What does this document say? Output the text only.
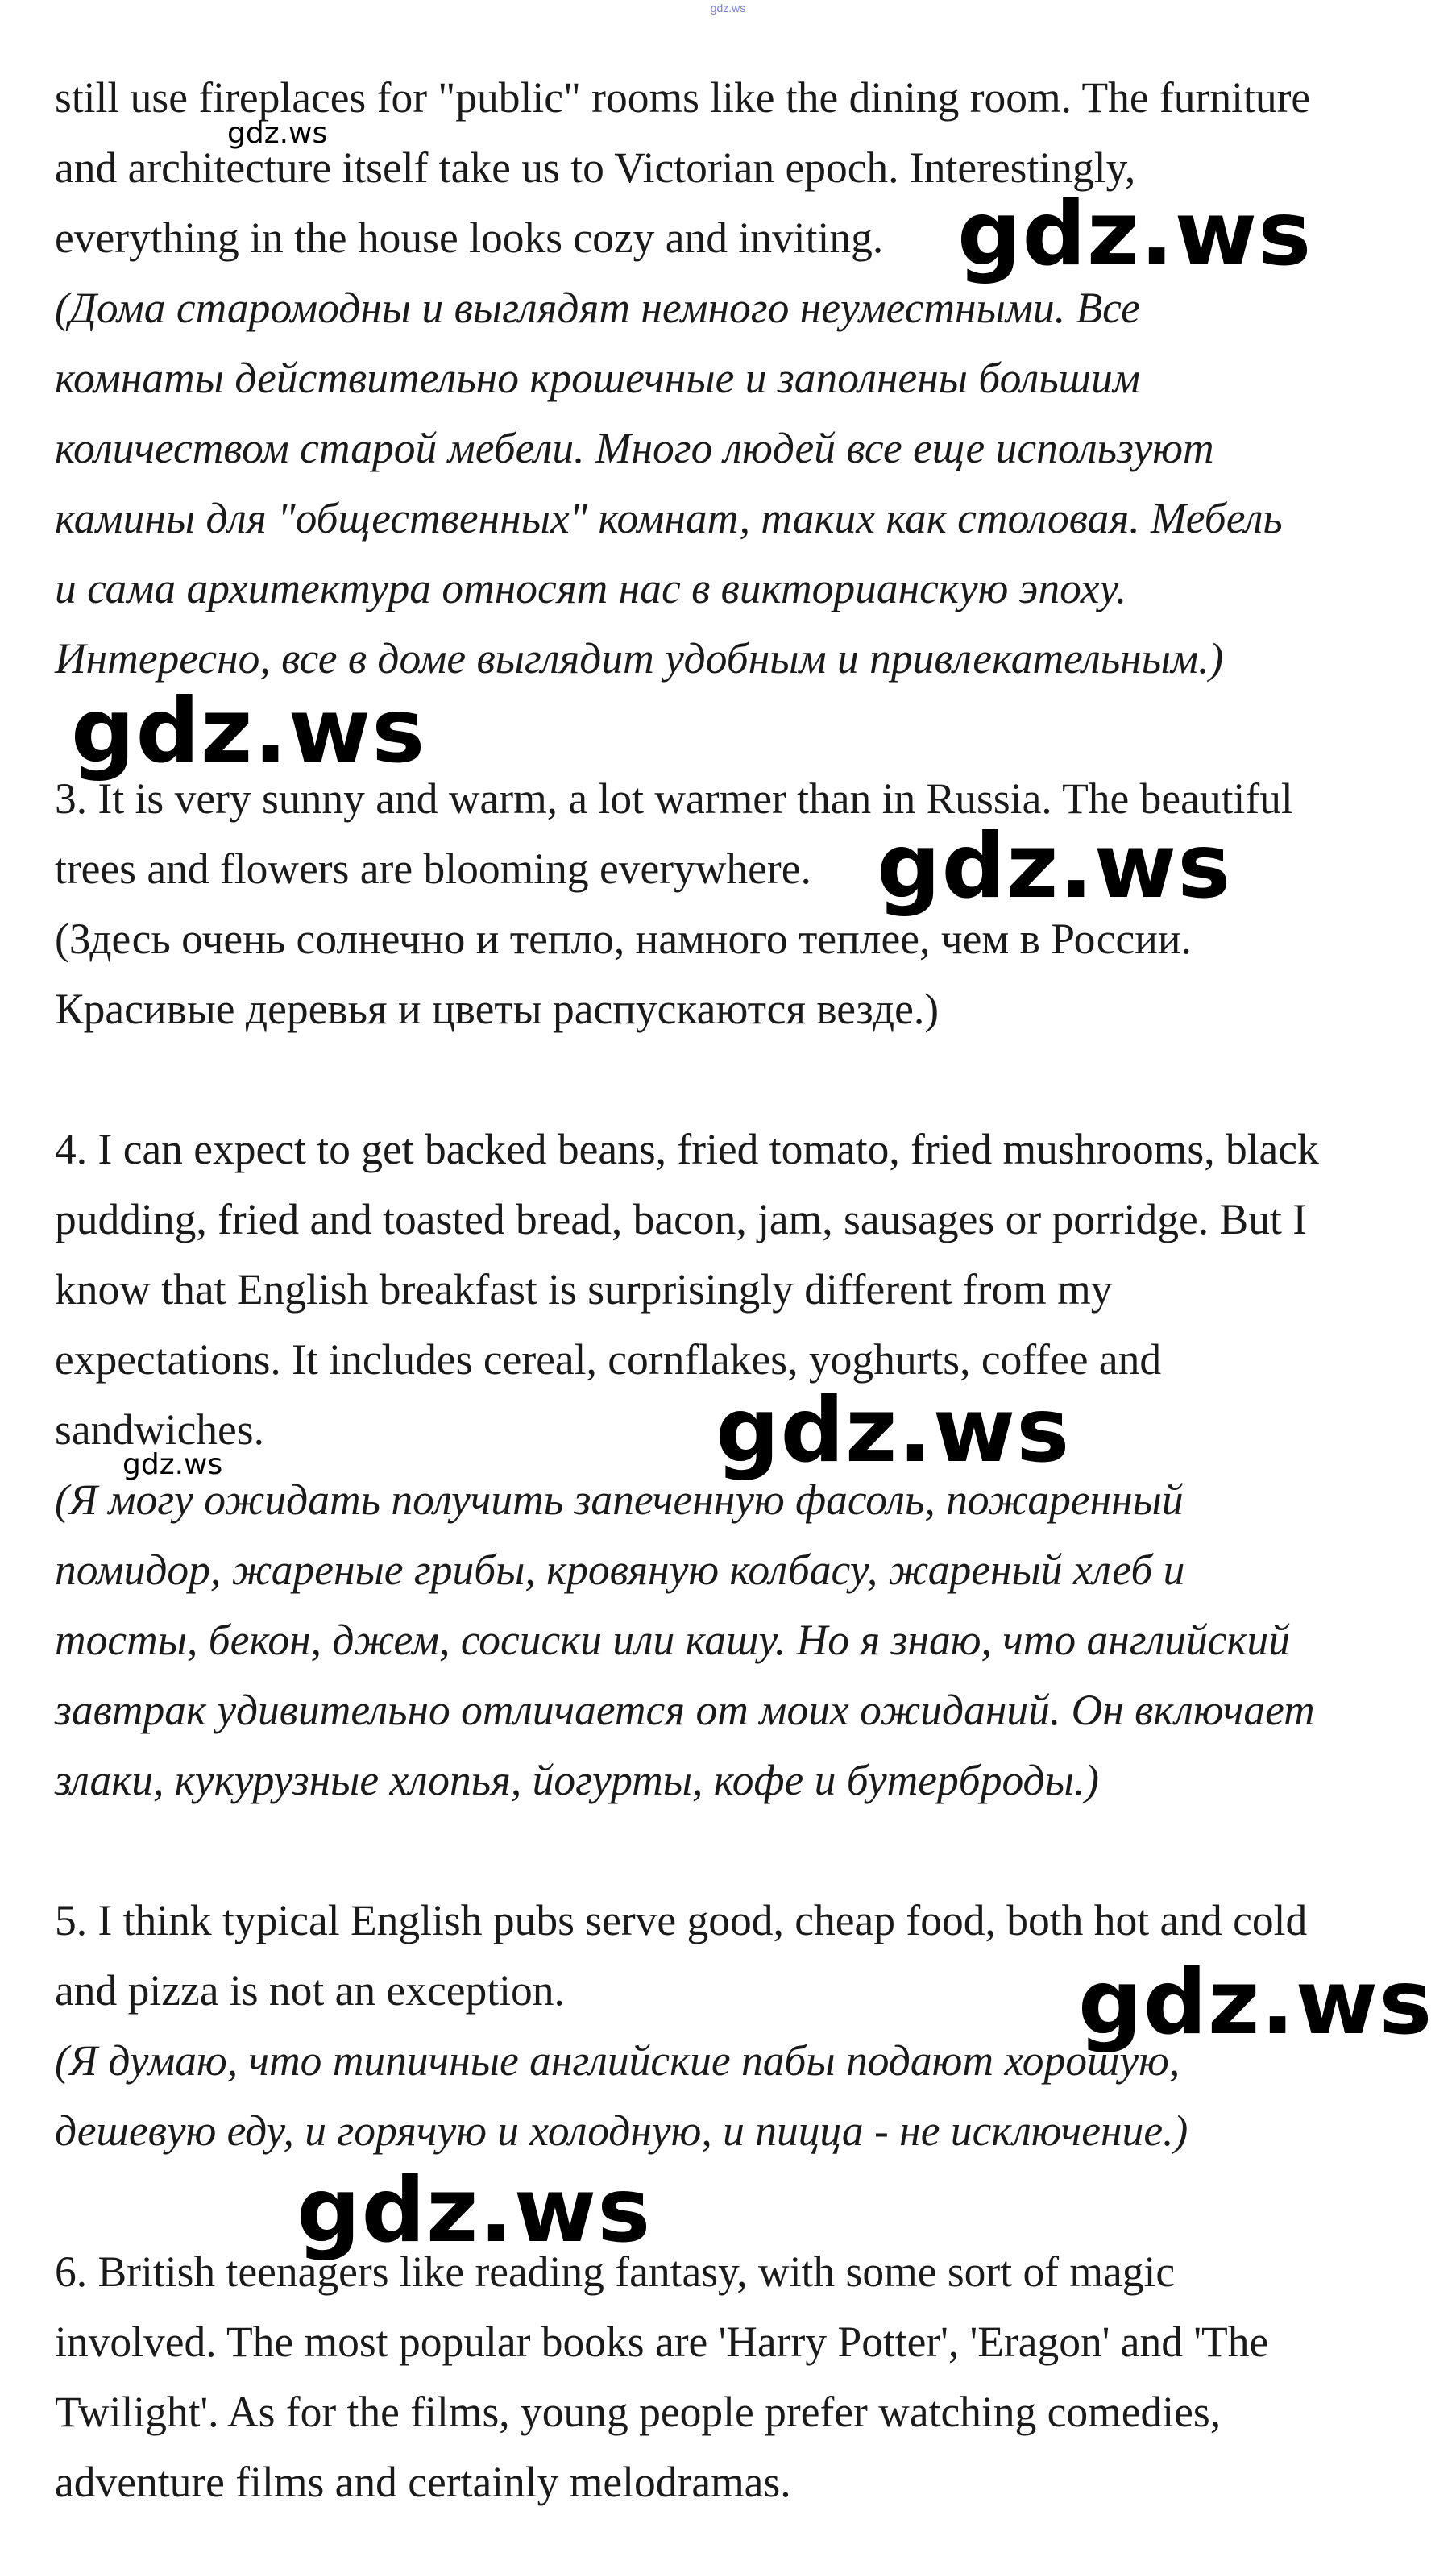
gdz.ws

still use fireplaces for "public" rooms like the dining room. The furniture

and architecture itself take us to Victorian epoch. Interestingly,

everything in the house looks cozy and inviting.

(Дома старомодны и выглядят немного неуместными. Все

комнаты действительно крошечные и заполнены большим

количеством старой мебели. Много людей все еще используют

камины для "общественных" комнат, таких как столовая. Мебель

и сама архитектура относят нас в викторианскую эпоху.

Интересно, все в доме выглядит удобным и привлекательным.)

3. It is very sunny and warm, a lot warmer than in Russia. The beautiful

trees and flowers are blooming everywhere.

(Здесь очень солнечно и тепло, намного теплее, чем в России.

Красивые деревья и цветы распускаются везде.)

4. I can expect to get backed beans, fried tomato, fried mushrooms, black

pudding, fried and toasted bread, bacon, jam, sausages or porridge. But I

know that English breakfast is surprisingly different from my

expectations. It includes cereal, cornflakes, yoghurts, coffee and

sandwiches.

(Я могу ожидать получить запеченную фасоль, пожаренный

помидор, жареные грибы, кровяную колбасу, жареный хлеб и

тосты, бекон, джем, сосиски или кашу. Но я знаю, что английский

завтрак удивительно отличается от моих ожиданий. Он включает

злаки, кукурузные хлопья, йогурты, кофе и бутерброды.)

5. I think typical English pubs serve good, cheap food, both hot and cold

and pizza is not an exception.

(Я думаю, что типичные английские пабы подают хорошую,

дешевую еду, и горячую и холодную, и пицца - не исключение.)

6. British teenagers like reading fantasy, with some sort of magic

involved. The most popular books are 'Harry Potter', 'Eragon' and 'The

Twilight'. As for the films, young people prefer watching comedies,

adventure films and certainly melodramas.

gdz.ws
gdz.ws
gdz.ws
gdz.ws
gdz.ws
gdz.ws
gdz.ws
gdz.ws
